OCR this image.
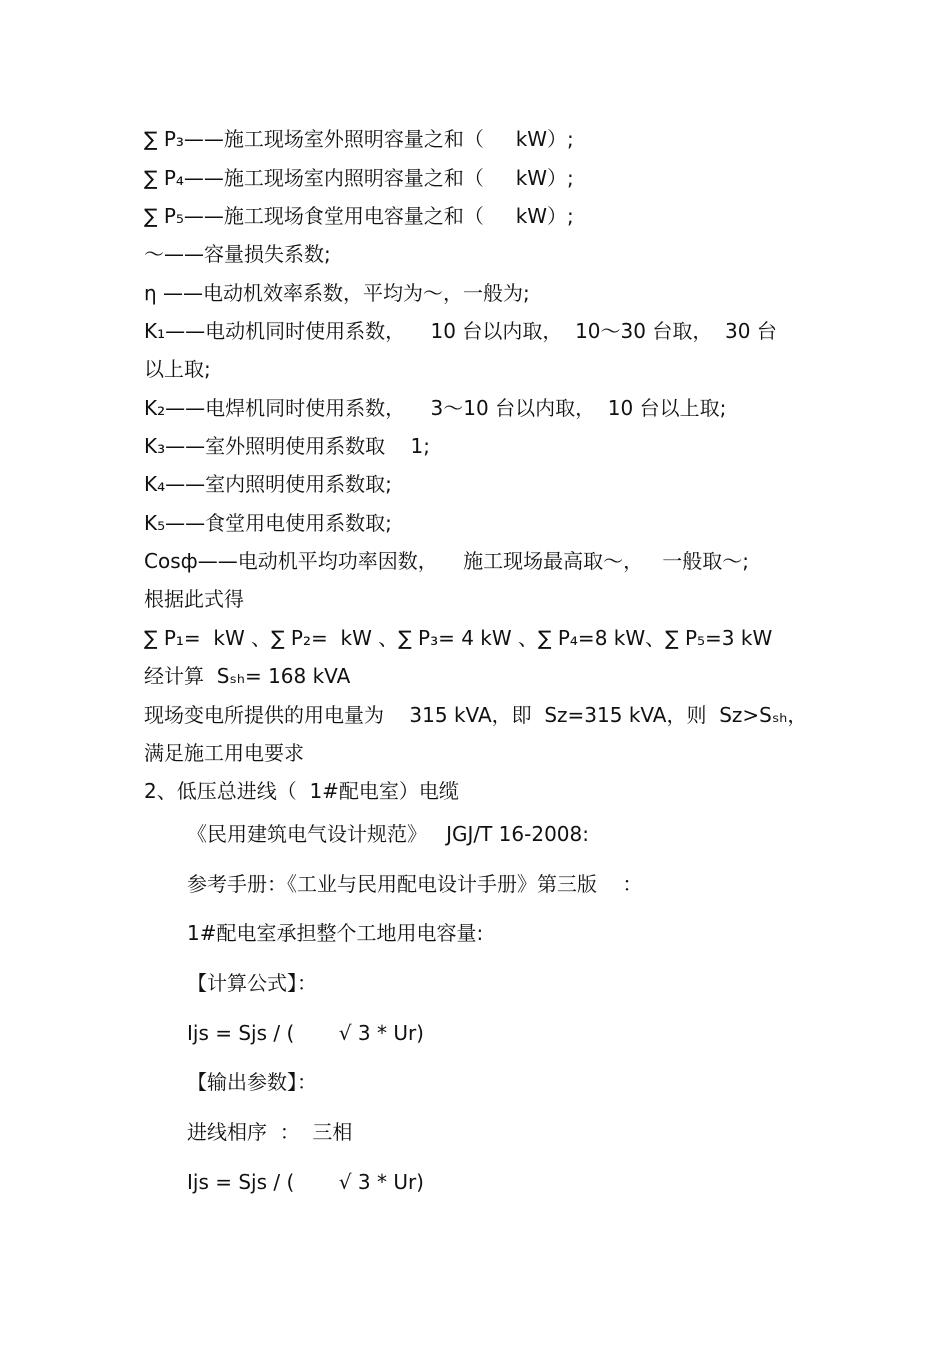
∑ P₃——施工现场室外照明容量之和（     kW）;
∑ P₄——施工现场室内照明容量之和（     kW）;
∑ P₅——施工现场食堂用电容量之和（     kW）;
～——容量损失系数;
η ——电动机效率系数，平均为～，一般为;
K₁——电动机同时使用系数，    10 台以内取，  10～30 台取，  30 台
以上取;
K₂——电焊机同时使用系数，    3～10 台以内取，  10 台以上取;
K₃——室外照明使用系数取    1;
K₄——室内照明使用系数取;
K₅——食堂用电使用系数取;
Cosф——电动机平均功率因数，    施工现场最高取～，   一般取～;
根据此式得
∑ P₁=  kW 、∑ P₂=  kW 、∑ P₃= 4 kW 、∑ P₄=8 kW、∑ P₅=3 kW
经计算  Sₛₕ= 168 kVA
现场变电所提供的用电量为    315 kVA，即  Sz=315 kVA，则  Sz>Sₛₕ，
满足施工用电要求
2、低压总进线（  1#配电室）电缆
《民用建筑电气设计规范》   JGJ/T 16-2008:
参考手册：《工业与民用配电设计手册》第三版    ：
1#配电室承担整个工地用电容量:
【计算公式】：
Ijs = Sjs / (       √ 3 * Ur)
【输出参数】：
进线相序  ：  三相
Ijs = Sjs / (       √ 3 * Ur)
